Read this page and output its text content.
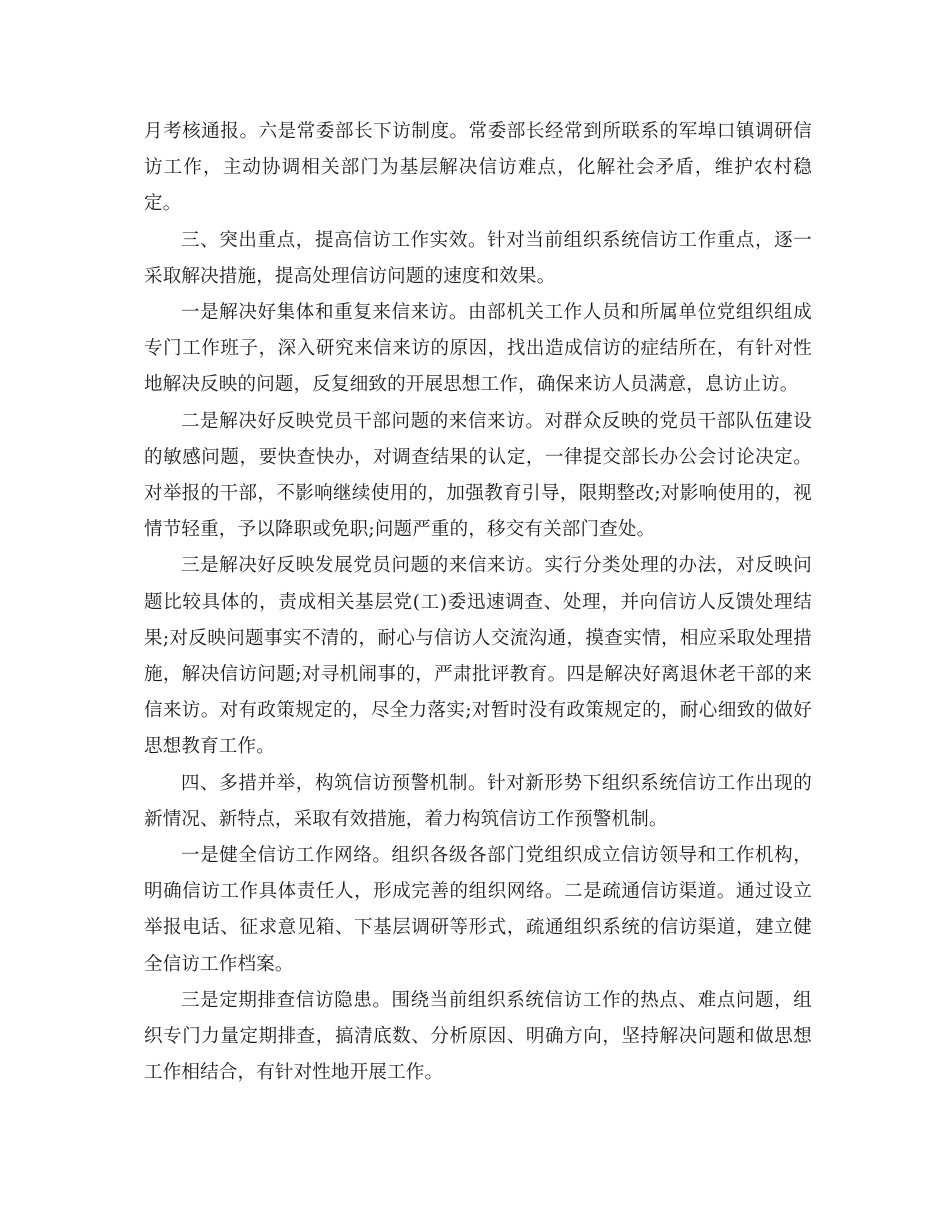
月考核通报。六是常委部长下访制度。常委部长经常到所联系的军埠口镇调研信访工作，主动协调相关部门为基层解决信访难点，化解社会矛盾，维护农村稳定。

三、突出重点，提高信访工作实效。针对当前组织系统信访工作重点，逐一采取解决措施，提高处理信访问题的速度和效果。

一是解决好集体和重复来信来访。由部机关工作人员和所属单位党组织组成专门工作班子，深入研究来信来访的原因，找出造成信访的症结所在，有针对性地解决反映的问题，反复细致的开展思想工作，确保来访人员满意，息访止访。

二是解决好反映党员干部问题的来信来访。对群众反映的党员干部队伍建设的敏感问题，要快查快办，对调查结果的认定，一律提交部长办公会讨论决定。对举报的干部，不影响继续使用的，加强教育引导，限期整改;对影响使用的，视情节轻重，予以降职或免职;问题严重的，移交有关部门查处。

三是解决好反映发展党员问题的来信来访。实行分类处理的办法，对反映问题比较具体的，责成相关基层党(工)委迅速调查、处理，并向信访人反馈处理结果;对反映问题事实不清的，耐心与信访人交流沟通，摸查实情，相应采取处理措施，解决信访问题;对寻机闹事的，严肃批评教育。四是解决好离退休老干部的来信来访。对有政策规定的，尽全力落实;对暂时没有政策规定的，耐心细致的做好思想教育工作。

四、多措并举，构筑信访预警机制。针对新形势下组织系统信访工作出现的新情况、新特点，采取有效措施，着力构筑信访工作预警机制。

一是健全信访工作网络。组织各级各部门党组织成立信访领导和工作机构，明确信访工作具体责任人，形成完善的组织网络。二是疏通信访渠道。通过设立举报电话、征求意见箱、下基层调研等形式，疏通组织系统的信访渠道，建立健全信访工作档案。

三是定期排查信访隐患。围绕当前组织系统信访工作的热点、难点问题，组织专门力量定期排查，搞清底数、分析原因、明确方向，坚持解决问题和做思想工作相结合，有针对性地开展工作。
